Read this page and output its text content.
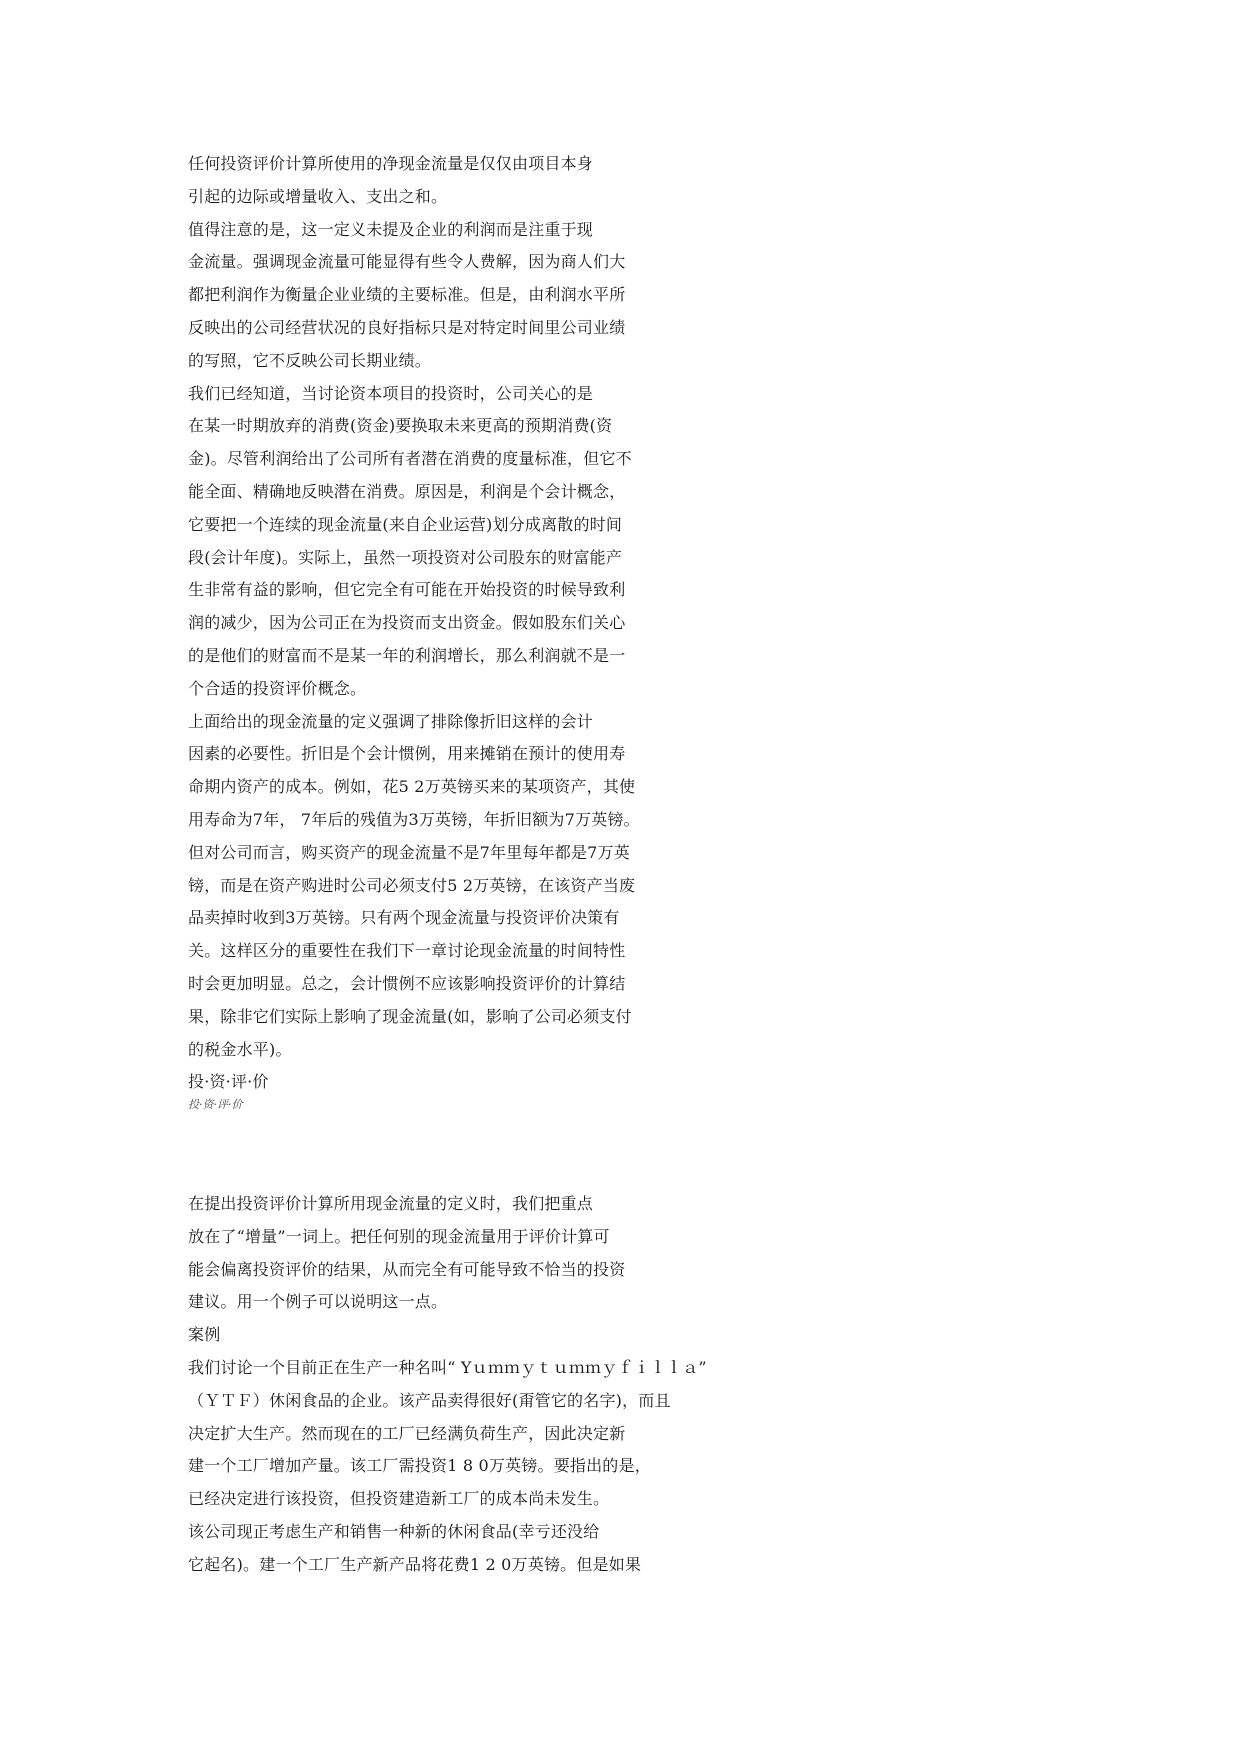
任何投资评价计算所使用的净现金流量是仅仅由项目本身
引起的边际或增量收入、支出之和。
值得注意的是，这一定义未提及企业的利润而是注重于现
金流量。强调现金流量可能显得有些令人费解，因为商人们大
都把利润作为衡量企业业绩的主要标准。但是，由利润水平所
反映出的公司经营状况的良好指标只是对特定时间里公司业绩
的写照，它不反映公司长期业绩。
我们已经知道，当讨论资本项目的投资时，公司关心的是
在某一时期放弃的消费(资金)要换取未来更高的预期消费(资
金)。尽管利润给出了公司所有者潜在消费的度量标准，但它不
能全面、精确地反映潜在消费。原因是，利润是个会计概念，
它要把一个连续的现金流量(来自企业运营)划分成离散的时间
段(会计年度)。实际上，虽然一项投资对公司股东的财富能产
生非常有益的影响，但它完全有可能在开始投资的时候导致利
润的减少，因为公司正在为投资而支出资金。假如股东们关心
的是他们的财富而不是某一年的利润增长，那么利润就不是一
个合适的投资评价概念。
上面给出的现金流量的定义强调了排除像折旧这样的会计
因素的必要性。折旧是个会计惯例，用来摊销在预计的使用寿
命期内资产的成本。例如，花5 2万英镑买来的某项资产，其使
用寿命为7年， 7年后的残值为3万英镑，年折旧额为7万英镑。
但对公司而言，购买资产的现金流量不是7年里每年都是7万英
镑，而是在资产购进时公司必须支付5 2万英镑，在该资产当废
品卖掉时收到3万英镑。只有两个现金流量与投资评价决策有
关。这样区分的重要性在我们下一章讨论现金流量的时间特性
时会更加明显。总之，会计惯例不应该影响投资评价的计算结
果，除非它们实际上影响了现金流量(如，影响了公司必须支付
的税金水平)。
投·资·评·价
投·资·评·价
在提出投资评价计算所用现金流量的定义时，我们把重点
放在了“增量”一词上。把任何别的现金流量用于评价计算可
能会偏离投资评价的结果，从而完全有可能导致不恰当的投资
建议。用一个例子可以说明这一点。
案例
我们讨论一个目前正在生产一种名叫“ Yｕｍｍｙｔｕｍｍｙｆｉｌｌａ”
（ＹＴＦ）休闲食品的企业。该产品卖得很好(甭管它的名字)，而且
决定扩大生产。然而现在的工厂已经满负荷生产，因此决定新
建一个工厂增加产量。该工厂需投资1 8 0万英镑。要指出的是，
已经决定进行该投资，但投资建造新工厂的成本尚未发生。
该公司现正考虑生产和销售一种新的休闲食品(幸亏还没给
它起名)。建一个工厂生产新产品将花费1 2 0万英镑。但是如果
